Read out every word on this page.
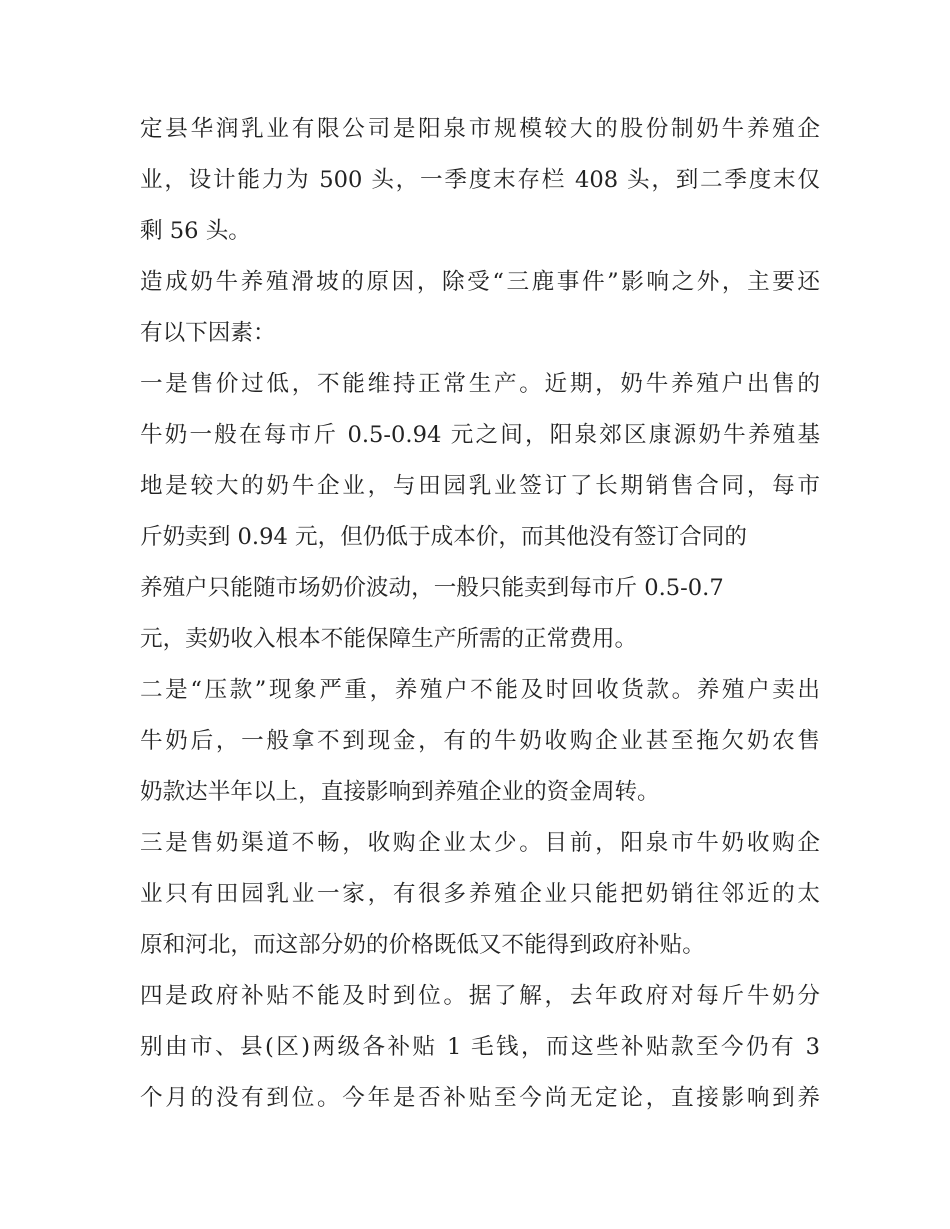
定县华润乳业有限公司是阳泉市规模较大的股份制奶牛养殖企
业，设计能力为 500 头，一季度末存栏 408 头，到二季度末仅
剩 56 头。
造成奶牛养殖滑坡的原因，除受“三鹿事件”影响之外，主要还
有以下因素：
一是售价过低，不能维持正常生产。近期，奶牛养殖户出售的
牛奶一般在每市斤 0.5-0.94 元之间，阳泉郊区康源奶牛养殖基
地是较大的奶牛企业，与田园乳业签订了长期销售合同，每市
斤奶卖到 0.94 元，但仍低于成本价，而其他没有签订合同的
养殖户只能随市场奶价波动，一般只能卖到每市斤 0.5-0.7
元，卖奶收入根本不能保障生产所需的正常费用。
二是“压款”现象严重，养殖户不能及时回收货款。养殖户卖出
牛奶后，一般拿不到现金，有的牛奶收购企业甚至拖欠奶农售
奶款达半年以上，直接影响到养殖企业的资金周转。
三是售奶渠道不畅，收购企业太少。目前，阳泉市牛奶收购企
业只有田园乳业一家，有很多养殖企业只能把奶销往邻近的太
原和河北，而这部分奶的价格既低又不能得到政府补贴。
四是政府补贴不能及时到位。据了解，去年政府对每斤牛奶分
别由市、县(区)两级各补贴 1 毛钱，而这些补贴款至今仍有 3
个月的没有到位。今年是否补贴至今尚无定论，直接影响到养
